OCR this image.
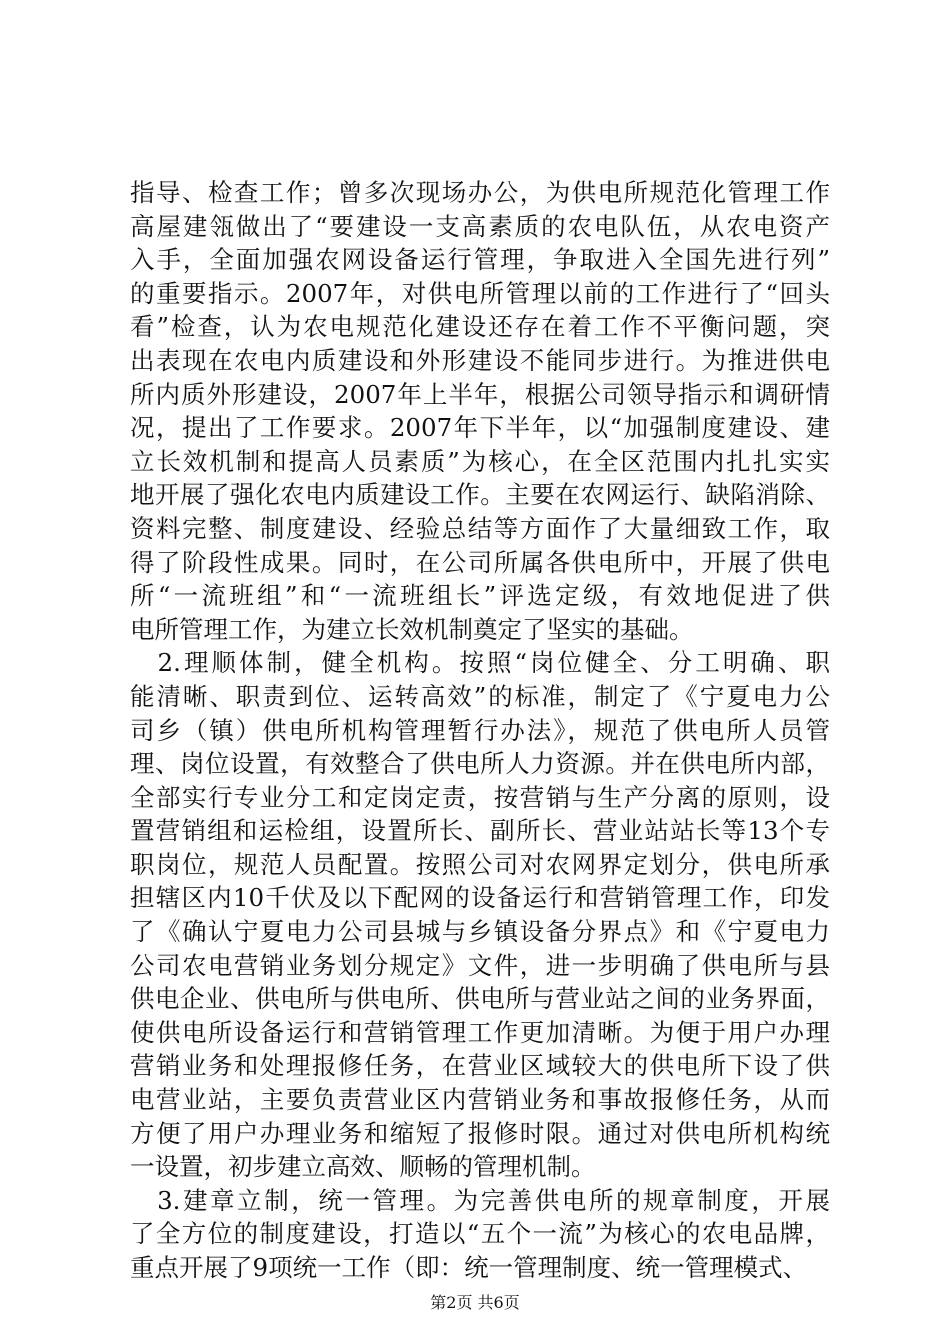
指导、检查工作；曾多次现场办公，为供电所规范化管理工作
高屋建瓴做出了“要建设一支高素质的农电队伍，从农电资产
入手，全面加强农网设备运行管理，争取进入全国先进行列”
的重要指示。2007年，对供电所管理以前的工作进行了“回头
看”检查，认为农电规范化建设还存在着工作不平衡问题，突
出表现在农电内质建设和外形建设不能同步进行。为推进供电
所内质外形建设，2007年上半年，根据公司领导指示和调研情
况，提出了工作要求。2007年下半年，以“加强制度建设、建
立长效机制和提高人员素质”为核心，在全区范围内扎扎实实
地开展了强化农电内质建设工作。主要在农网运行、缺陷消除、
资料完整、制度建设、经验总结等方面作了大量细致工作，取
得了阶段性成果。同时，在公司所属各供电所中，开展了供电
所“一流班组”和“一流班组长”评选定级，有效地促进了供
电所管理工作，为建立长效机制奠定了坚实的基础。
　2.理顺体制，健全机构。按照“岗位健全、分工明确、职
能清晰、职责到位、运转高效”的标准，制定了《宁夏电力公
司乡（镇）供电所机构管理暂行办法》，规范了供电所人员管
理、岗位设置，有效整合了供电所人力资源。并在供电所内部，
全部实行专业分工和定岗定责，按营销与生产分离的原则，设
置营销组和运检组，设置所长、副所长、营业站站长等13个专
职岗位，规范人员配置。按照公司对农网界定划分，供电所承
担辖区内10千伏及以下配网的设备运行和营销管理工作，印发
了《确认宁夏电力公司县城与乡镇设备分界点》和《宁夏电力
公司农电营销业务划分规定》文件，进一步明确了供电所与县
供电企业、供电所与供电所、供电所与营业站之间的业务界面，
使供电所设备运行和营销管理工作更加清晰。为便于用户办理
营销业务和处理报修任务，在营业区域较大的供电所下设了供
电营业站，主要负责营业区内营销业务和事故报修任务，从而
方便了用户办理业务和缩短了报修时限。通过对供电所机构统
一设置，初步建立高效、顺畅的管理机制。
　3.建章立制，统一管理。为完善供电所的规章制度，开展
了全方位的制度建设，打造以“五个一流”为核心的农电品牌，
重点开展了9项统一工作（即：统一管理制度、统一管理模式、
第2页 共6页
